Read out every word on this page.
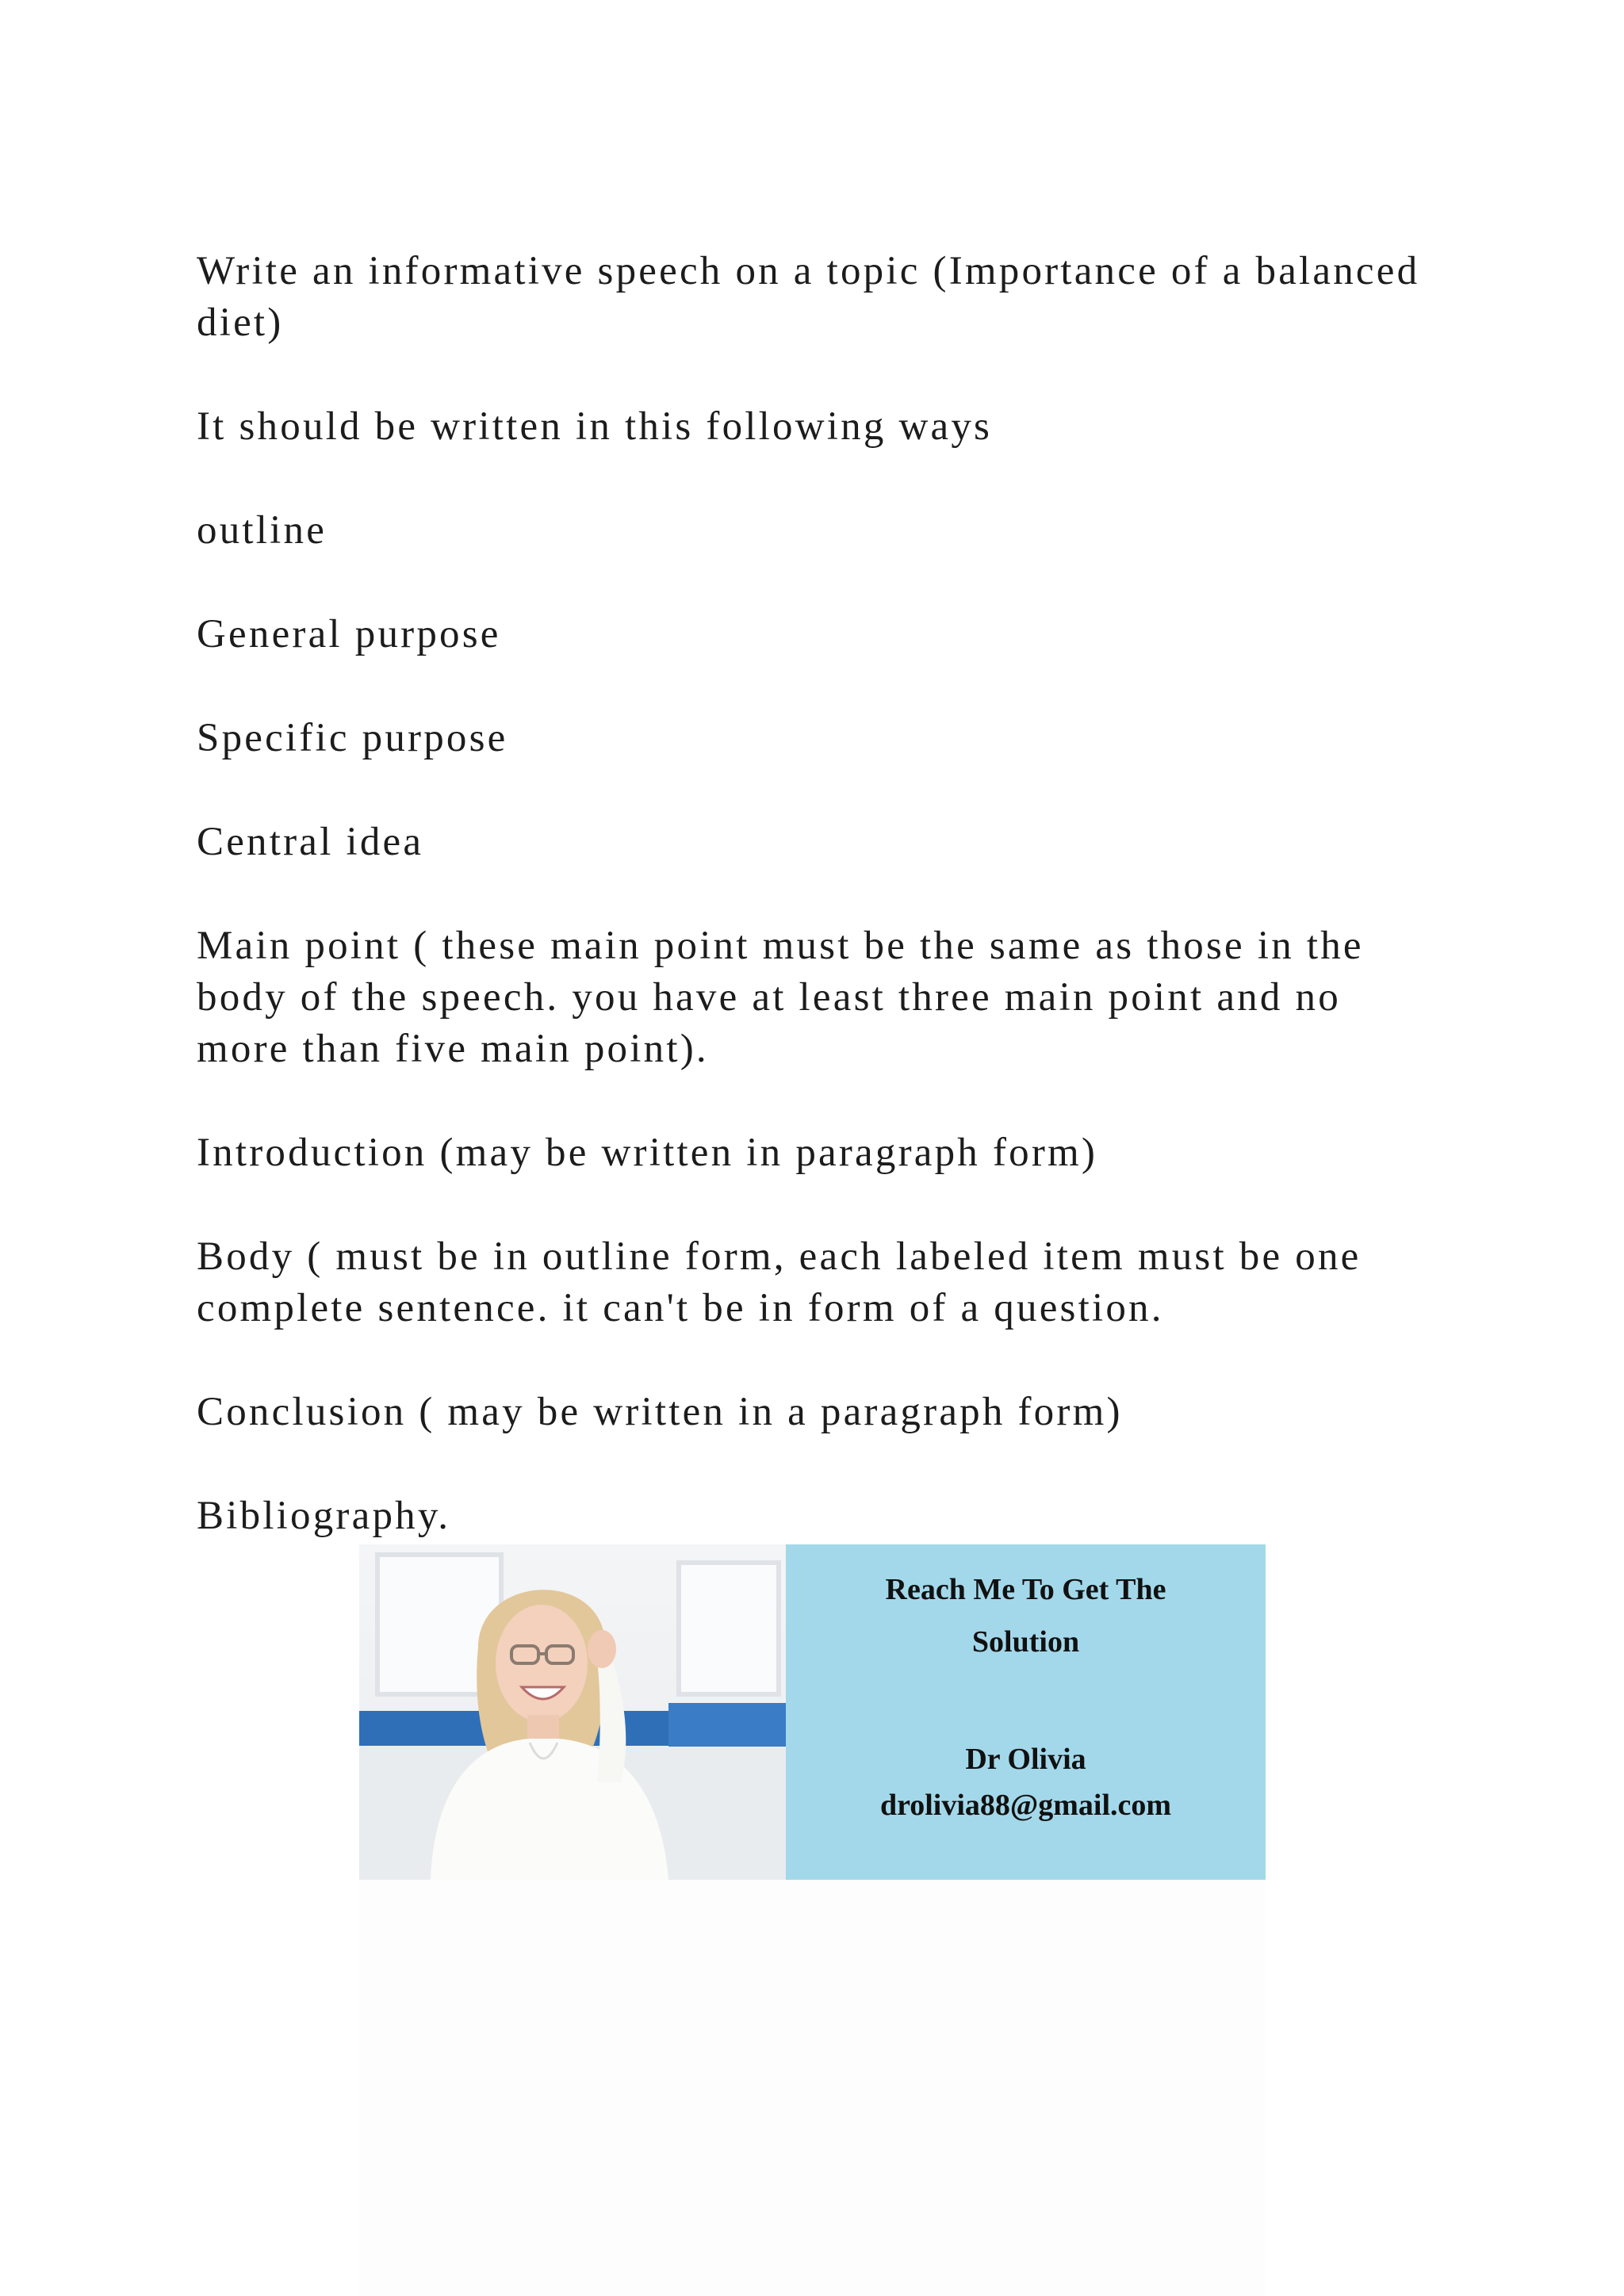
Write an informative speech on a topic (Importance of a balanced diet)

It should be written in this following ways

outline

General purpose

Specific purpose

Central idea

Main point ( these main point must be the same as those in the body of the speech. you have at least three main point and no more than five main point).

Introduction (may be written in paragraph form)

Body ( must be in outline form, each labeled item must be one complete sentence. it can't be in form of a question.

Conclusion ( may be written in a paragraph form)

Bibliography.

Reach Me To Get The
Solution
Dr Olivia
drolivia88@gmail.com
